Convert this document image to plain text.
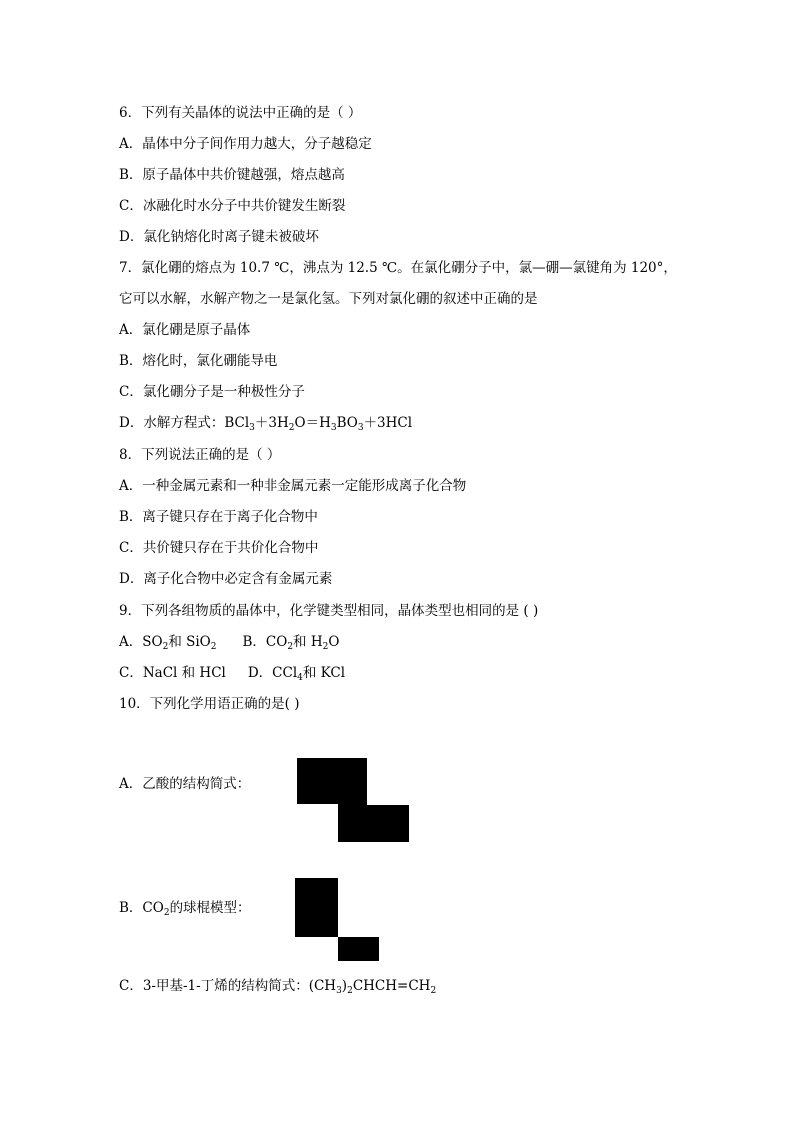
6．下列有关晶体的说法中正确的是（ ）
A．晶体中分子间作用力越大，分子越稳定
B．原子晶体中共价键越强，熔点越高
C．冰融化时水分子中共价键发生断裂
D．氯化钠熔化时离子键未被破坏
7．氯化硼的熔点为 10.7 ℃，沸点为 12.5 ℃。在氯化硼分子中，氯—硼—氯键角为 120°，
它可以水解，水解产物之一是氯化氢。下列对氯化硼的叙述中正确的是
A．氯化硼是原子晶体
B．熔化时，氯化硼能导电
C．氯化硼分子是一种极性分子
D．水解方程式：$BCl_3+3H_2O=H_3BO_3+3HCl$
8．下列说法正确的是（ ）
A．一种金属元素和一种非金属元素一定能形成离子化合物
B．离子键只存在于离子化合物中
C．共价键只存在于共价化合物中
D．离子化合物中必定含有金属元素
9．下列各组物质的晶体中，化学键类型相同，晶体类型也相同的是 ( )
A．$SO_2$和 SiO$_2$ B．$CO_2$和 $H_2O$
C．NaCl 和 HCl D．CCl$_4$和 KCl
10．下列化学用语正确的是( )
A．乙酸的结构简式：
B．$CO_2$的球棍模型：
C．3-甲基-1-丁烯的结构简式：$(CH_3)_2CHCH=CH_2$
